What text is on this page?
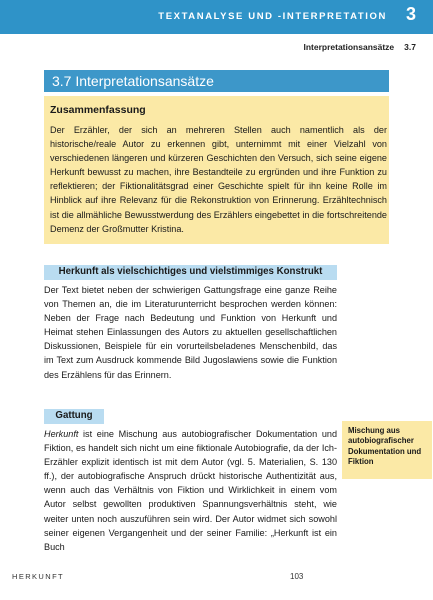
TEXTANALYSE UND -INTERPRETATION 3
Interpretationsansätze 3.7
3.7 Interpretationsansätze
Zusammenfassung
Der Erzähler, der sich an mehreren Stellen auch namentlich als der historische/reale Autor zu erkennen gibt, unternimmt mit einer Vielzahl von verschiedenen längeren und kürzeren Geschichten den Versuch, sich seine eigene Herkunft bewusst zu machen, ihre Bestandteile zu ergründen und ihre Funktion zu reflektieren; der Fiktionalitätsgrad einer Geschichte spielt für ihn keine Rolle im Hinblick auf ihre Relevanz für die Rekonstruktion von Erinnerung. Erzähltechnisch ist die allmähliche Bewusstwerdung des Erzählers eingebettet in die fortschreitende Demenz der Großmutter Kristina.
Herkunft als vielschichtiges und vielstimmiges Konstrukt
Der Text bietet neben der schwierigen Gattungsfrage eine ganze Reihe von Themen an, die im Literaturunterricht besprochen werden können: Neben der Frage nach Bedeutung und Funktion von Herkunft und Heimat stehen Einlassungen des Autors zu aktuellen gesellschaftlichen Diskussionen, Beispiele für ein vorurteilsbeladenes Menschenbild, das im Text zum Ausdruck kommende Bild Jugoslawiens sowie die Funktion des Erzählens für das Erinnern.
Gattung
Herkunft ist eine Mischung aus autobiografischer Dokumentation und Fiktion, es handelt sich nicht um eine fiktionale Autobiografie, da der Ich-Erzähler explizit identisch ist mit dem Autor (vgl. 5. Materialien, S. 130 ff.), der autobiografische Anspruch drückt historische Authentizität aus, wenn auch das Verhältnis von Fiktion und Wirklichkeit in einem vom Autor selbst gewollten produktiven Spannungsverhältnis steht, wie weiter unten noch auszuführen sein wird. Der Autor widmet sich sowohl seiner eigenen Vergangenheit und der seiner Familie: „Herkunft ist ein Buch
Mischung aus autobiografischer Dokumentation und Fiktion
HERKUNFT	103
